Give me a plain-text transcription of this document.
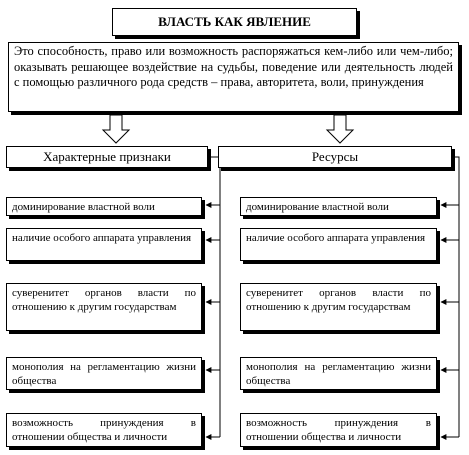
ВЛАСТЬ КАК ЯВЛЕНИЕ
Это способность, право или возможность распоряжаться кем-либо или чем-либо; оказывать решающее воздействие на судьбы, поведение или деятельность людей с помощью различного рода средств – права, авторитета, воли, принуждения
Характерные признаки	Ресурсы
доминирование властной воли
наличие особого аппарата управления
суверенитет органов власти по отношению к другим государствам
монополия на регламентацию жизни общества
возможность принуждения в отношении общества и личности
доминирование властной воли
наличие особого аппарата управления
суверенитет органов власти по отношению к другим государствам
монополия на регламентацию жизни общества
возможность принуждения в отношении общества и личности
